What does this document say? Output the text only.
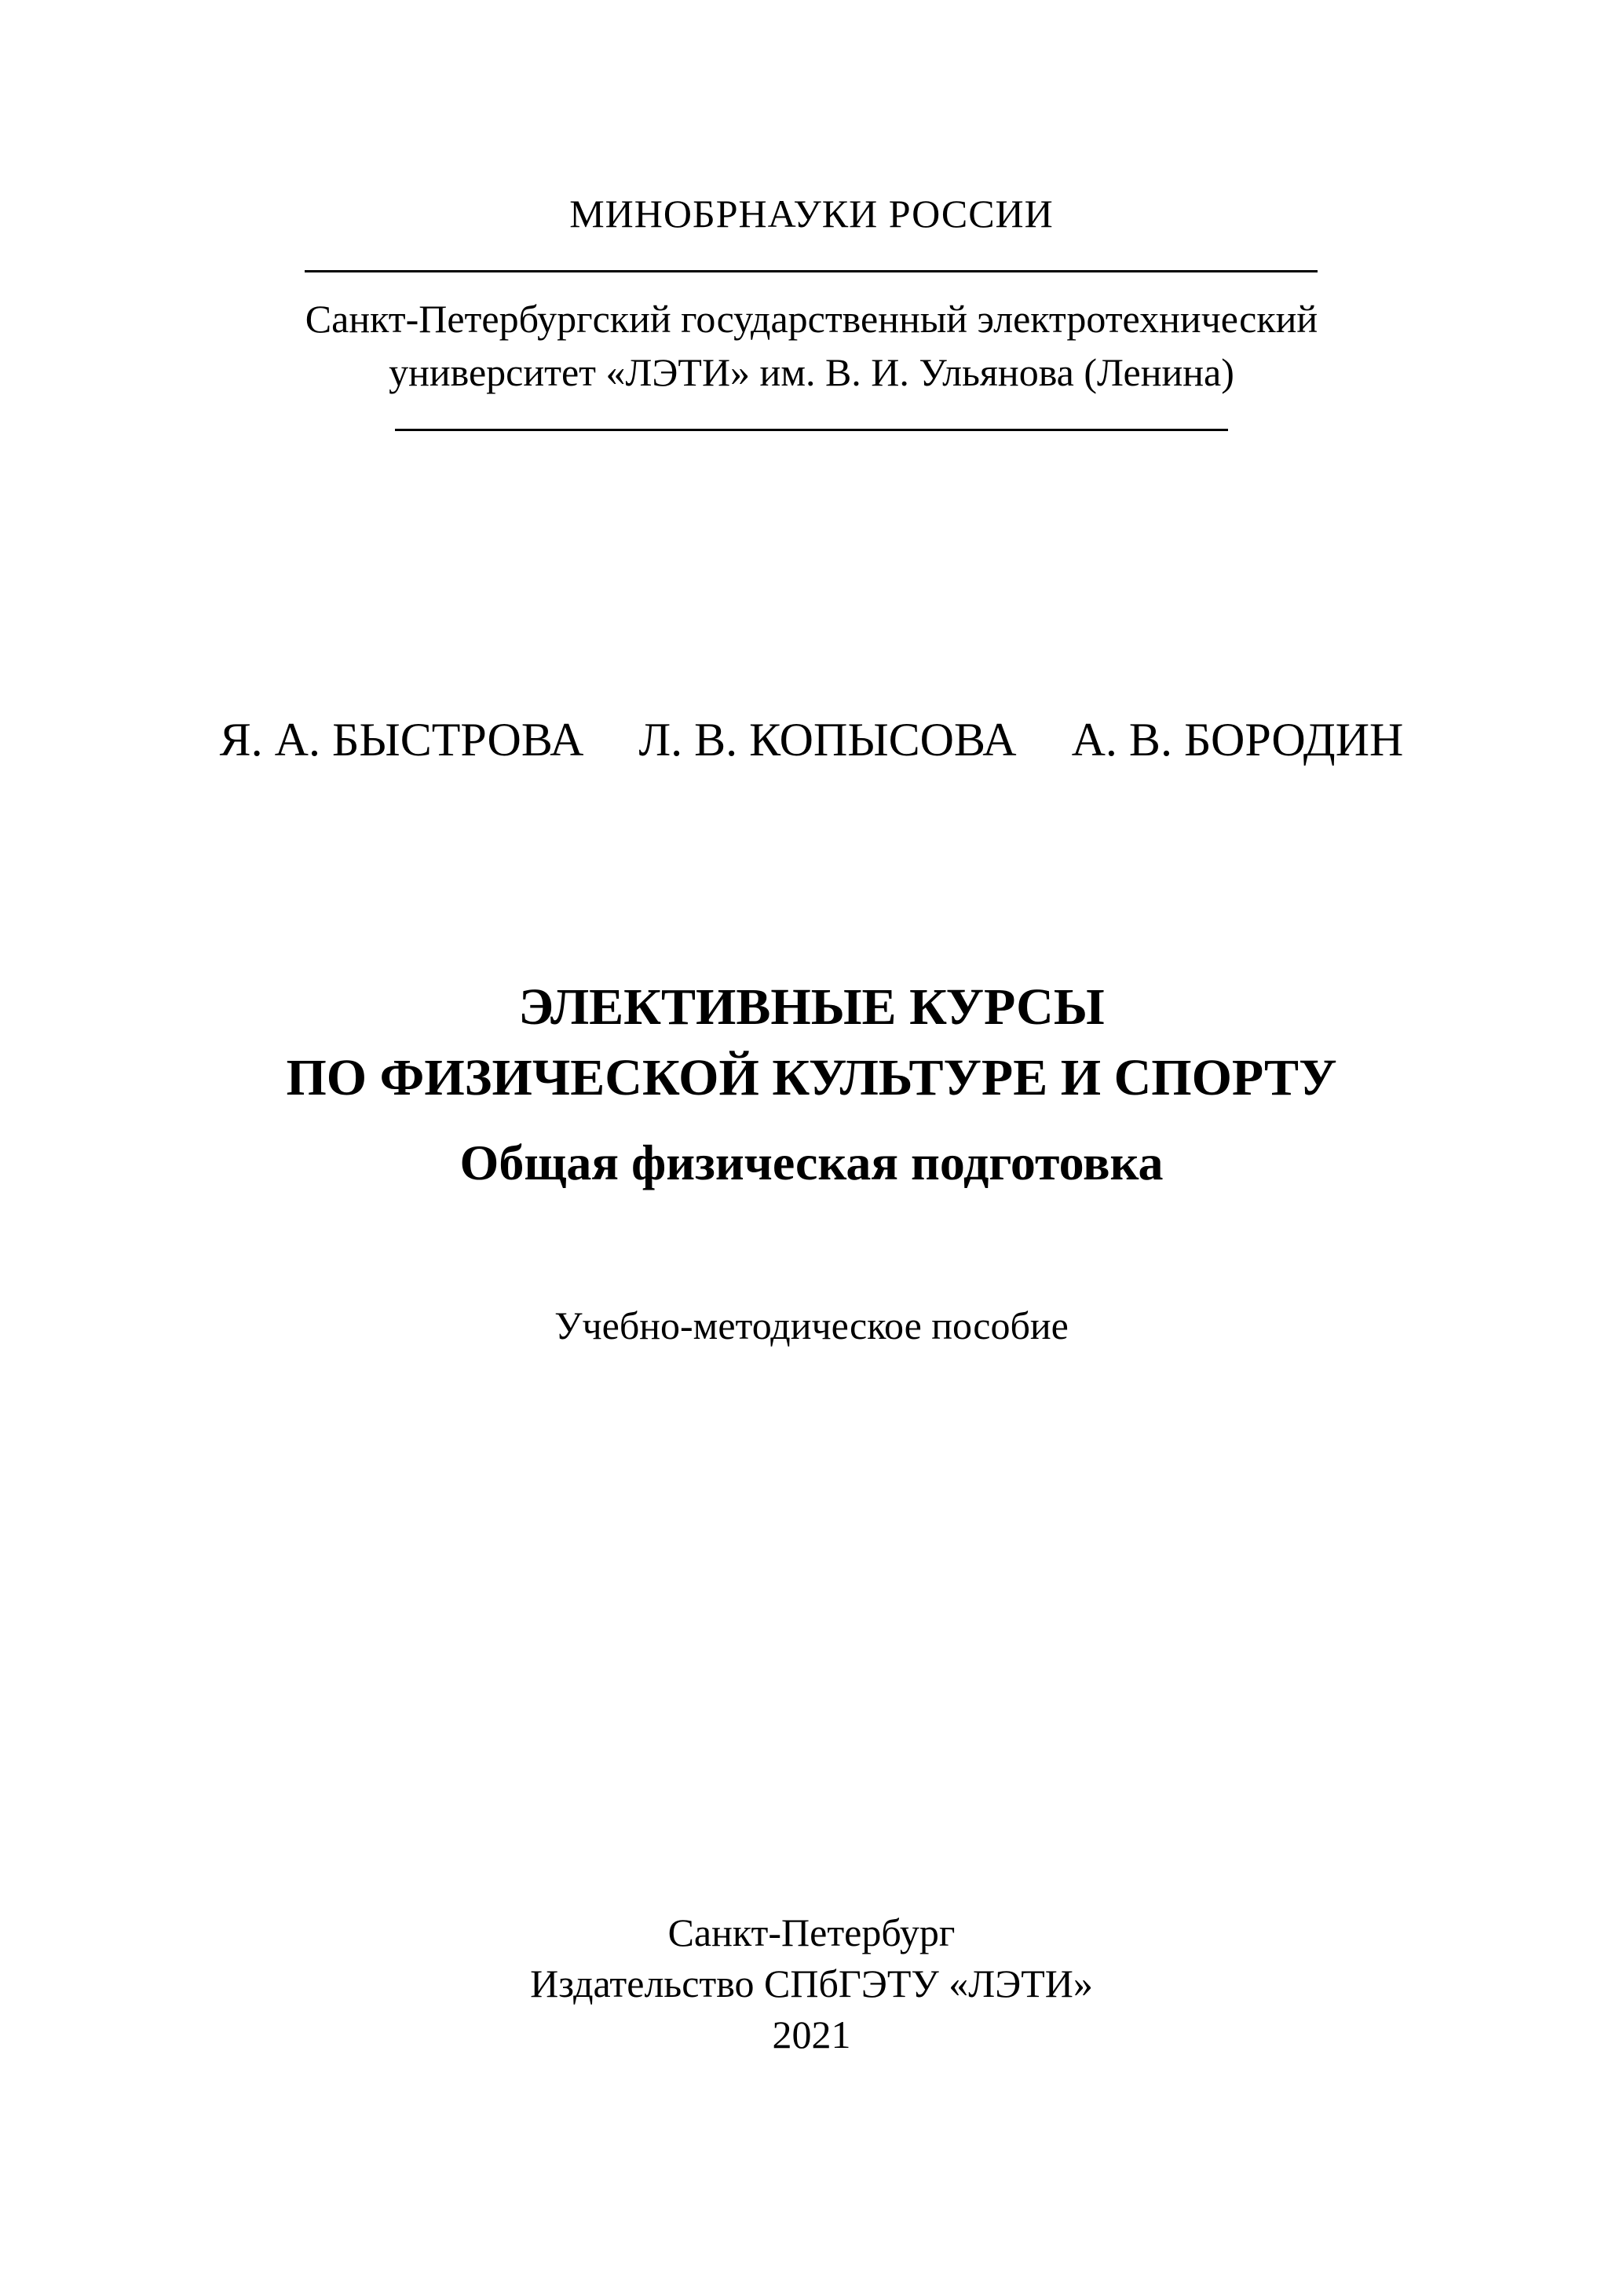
МИНОБРНАУКИ РОССИИ
Санкт-Петербургский государственный электротехнический
университет «ЛЭТИ» им. В. И. Ульянова (Ленина)
Я. А. БЫСТРОВА Л. В. КОПЫСОВА А. В. БОРОДИН
ЭЛЕКТИВНЫЕ КУРСЫ
ПО ФИЗИЧЕСКОЙ КУЛЬТУРЕ И СПОРТУ
Общая физическая подготовка
Учебно-методическое пособие
Санкт-Петербург
Издательство СПбГЭТУ «ЛЭТИ»
2021
